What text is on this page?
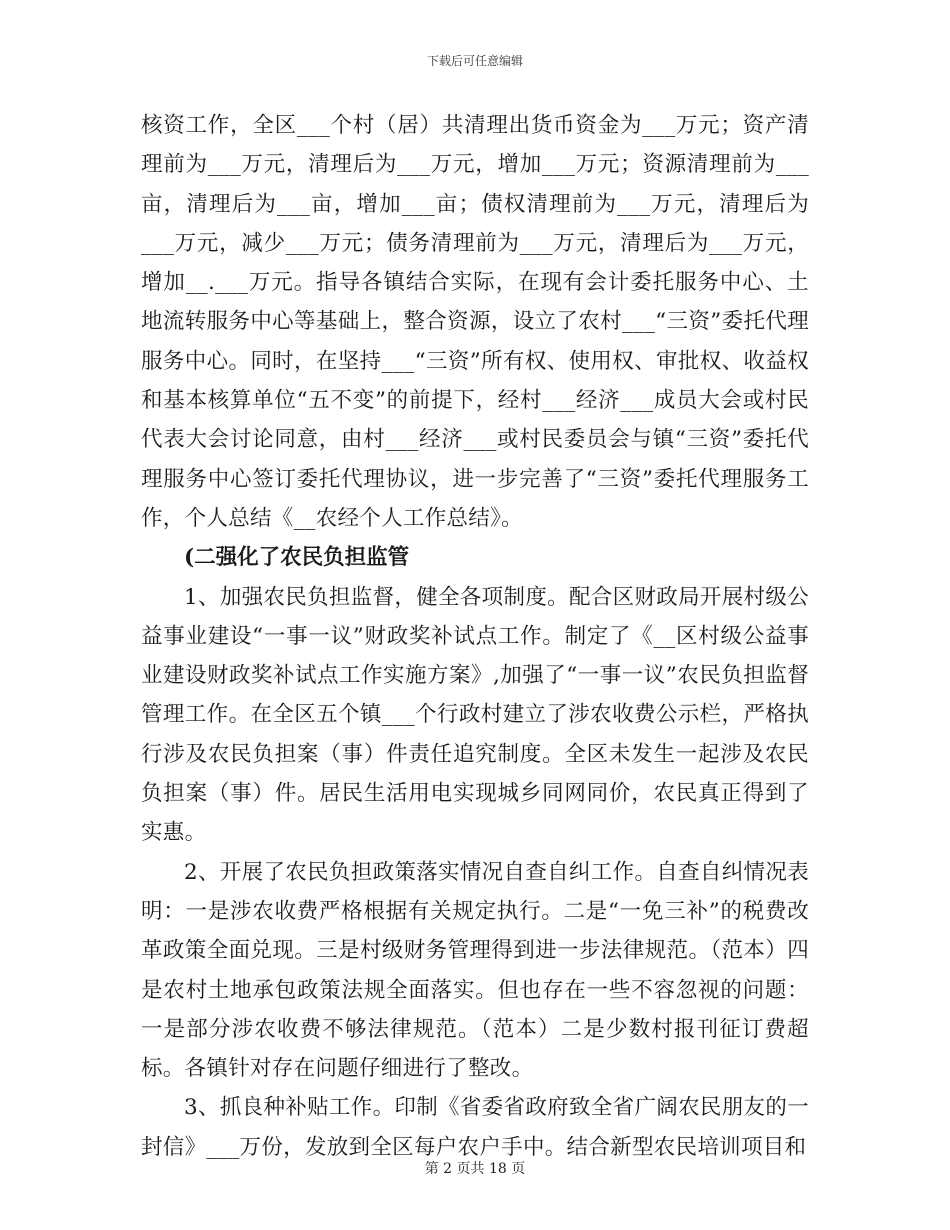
下载后可任意编辑

核资工作，全区___个村（居）共清理出货币资金为___万元；资产清理前为___万元，清理后为___万元，增加___万元；资源清理前为___亩，清理后为___亩，增加___亩；债权清理前为___万元，清理后为___万元，减少___万元；债务清理前为___万元，清理后为___万元，增加__.___万元。指导各镇结合实际，在现有会计委托服务中心、土地流转服务中心等基础上，整合资源，设立了农村___“三资”委托代理服务中心。同时，在坚持___“三资”所有权、使用权、审批权、收益权和基本核算单位“五不变”的前提下，经村___经济___成员大会或村民代表大会讨论同意，由村___经济___或村民委员会与镇“三资”委托代理服务中心签订委托代理协议，进一步完善了“三资”委托代理服务工作，个人总结《__农经个人工作总结》。

(二强化了农民负担监管

1、加强农民负担监督，健全各项制度。配合区财政局开展村级公益事业建设“一事一议”财政奖补试点工作。制定了《__区村级公益事业建设财政奖补试点工作实施方案》,加强了“一事一议”农民负担监督管理工作。在全区五个镇___个行政村建立了涉农收费公示栏，严格执行涉及农民负担案（事）件责任追究制度。全区未发生一起涉及农民负担案（事）件。居民生活用电实现城乡同网同价，农民真正得到了实惠。

2、开展了农民负担政策落实情况自查自纠工作。自查自纠情况表明：一是涉农收费严格根据有关规定执行。二是“一免三补”的税费改革政策全面兑现。三是村级财务管理得到进一步法律规范。（范本）四是农村土地承包政策法规全面落实。但也存在一些不容忽视的问题：一是部分涉农收费不够法律规范。（范本）二是少数村报刊征订费超标。各镇针对存在问题仔细进行了整改。

3、抓良种补贴工作。印制《省委省政府致全省广阔农民朋友的一封信》___万份，发放到全区每户农户手中。结合新型农民培训项目和

第 2 页共 18 页
